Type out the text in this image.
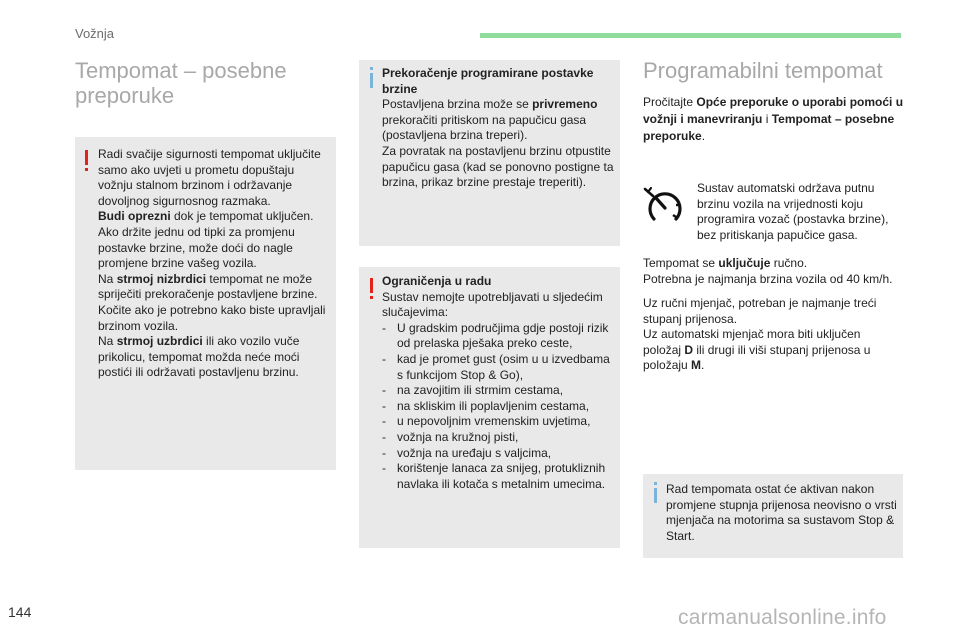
Vožnja
Tempomat – posebne preporuke

Radi svačije sigurnosti tempomat uključite samo ako uvjeti u prometu dopuštaju vožnju stalnom brzinom i održavanje dovoljnog sigurnosnog razmaka.

Budi oprezni dok je tempomat uključen. Ako držite jednu od tipki za promjenu postavke brzine, može doći do nagle promjene brzine vašeg vozila.

Na strmoj nizbrdici tempomat ne može spriječiti prekoračenje postavljene brzine. Kočite ako je potrebno kako biste upravljali brzinom vozila.

Na strmoj uzbrdici ili ako vozilo vuče prikolicu, tempomat možda neće moći postići ili održavati postavljenu brzinu.

Prekoračenje programirane postavke brzine

Postavljena brzina može se privremeno prekoračiti pritiskom na papučicu gasa (postavljena brzina treperi).

Za povratak na postavljenu brzinu otpustite papučicu gasa (kad se ponovno postigne ta brzina, prikaz brzine prestaje treperiti).

Ograničenja u radu

Sustav nemojte upotrebljavati u sljedećim slučajevima:

- U gradskim područjima gdje postoji rizik od prelaska pješaka preko ceste,
- kad je promet gust (osim u u izvedbama s funkcijom Stop & Go),
- na zavojitim ili strmim cestama,
- na skliskim ili poplavljenim cestama,
- u nepovoljnim vremenskim uvjetima,
- vožnja na kružnoj pisti,
- vožnja na uređaju s valjcima,
- korištenje lanaca za snijeg, protukliznih navlaka ili kotača s metalnim umecima.
Programabilni tempomat

Pročitajte Opće preporuke o uporabi pomoći u vožnji i manevriranju i Tempomat – posebne preporuke.

Sustav automatski održava putnu brzinu vozila na vrijednosti koju programira vozač (postavka brzine), bez pritiskanja papučice gasa.

Tempomat se uključuje ručno.

Potrebna je najmanja brzina vozila od 40 km/h.

Uz ručni mjenjač, potreban je najmanje treći stupanj prijenosa.

Uz automatski mjenjač mora biti uključen položaj D ili drugi ili viši stupanj prijenosa u položaju M.

Rad tempomata ostat će aktivan nakon promjene stupnja prijenosa neovisno o vrsti mjenjača na motorima sa sustavom Stop & Start.
144	carmanualsonline.info
